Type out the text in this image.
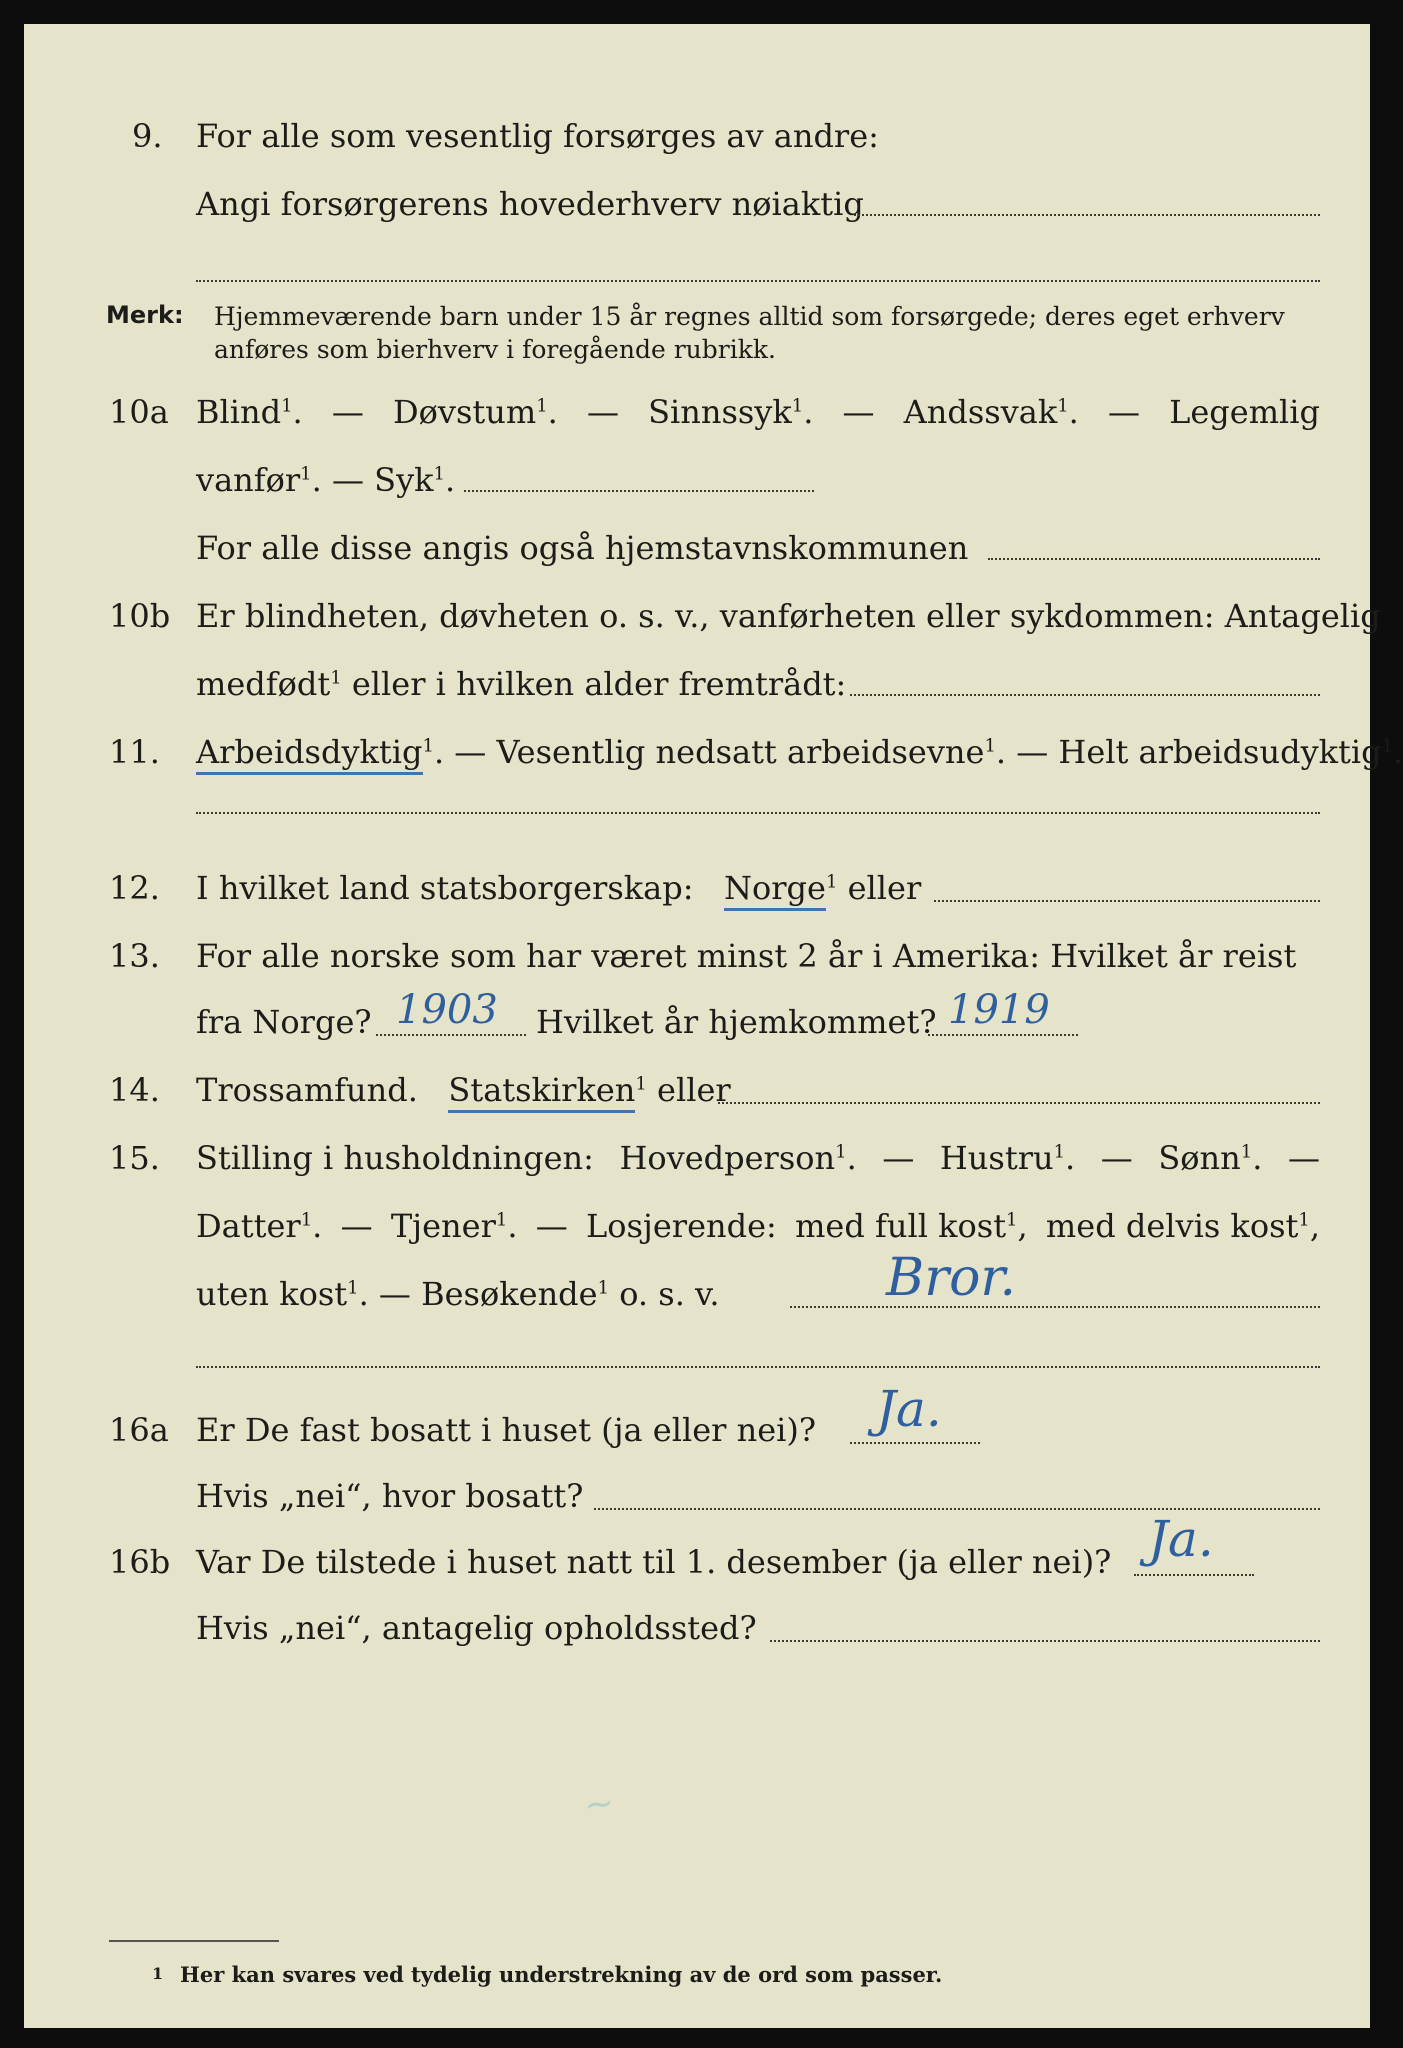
9. For alle som vesentlig forsørges av andre:
Angi forsørgerens hovederhverv nøiaktig
Merk: Hjemmeværende barn under 15 år regnes alltid som forsørgede; deres eget erhverv
anføres som bierhverv i foregående rubrikk.
10a Blind$^1$. — Døvstum$^1$. — Sinnssyk$^1$. — Andssvak$^1$. — Legemlig
vanfør$^1$. — Syk$^1$.
For alle disse angis også hjemstavnskommunen
10b Er blindheten, døvheten o. s. v., vanførheten eller sykdommen: Antagelig
medfødt$^1$ eller i hvilken alder fremtrådt:
11. Arbeidsdyktig$^1$. — Vesentlig nedsatt arbeidsevne$^1$. — Helt arbeidsudyktig$^1$.
12. I hvilket land statsborgerskap: Norge$^1$ eller
13. For alle norske som har været minst 2 år i Amerika: Hvilket år reist
fra Norge? 1903 Hvilket år hjemkommet? 1919
14. Trossamfund. Statskirken$^1$ eller
15. Stilling i husholdningen: Hovedperson$^1$. — Hustru$^1$. — Sønn$^1$. —
Datter$^1$. — Tjener$^1$. — Losjerende: med full kost$^1$, med delvis kost$^1$,
uten kost$^1$. — Besøkende$^1$ o. s. v.	Bror.
16a Er De fast bosatt i huset (ja eller nei)? Ja.
Hvis „nei“, hvor bosatt?
16b Var De tilstede i huset natt til 1. desember (ja eller nei)? Ja.
Hvis „nei“, antagelig opholdssted?
~
1 Her kan svares ved tydelig understrekning av de ord som passer.
